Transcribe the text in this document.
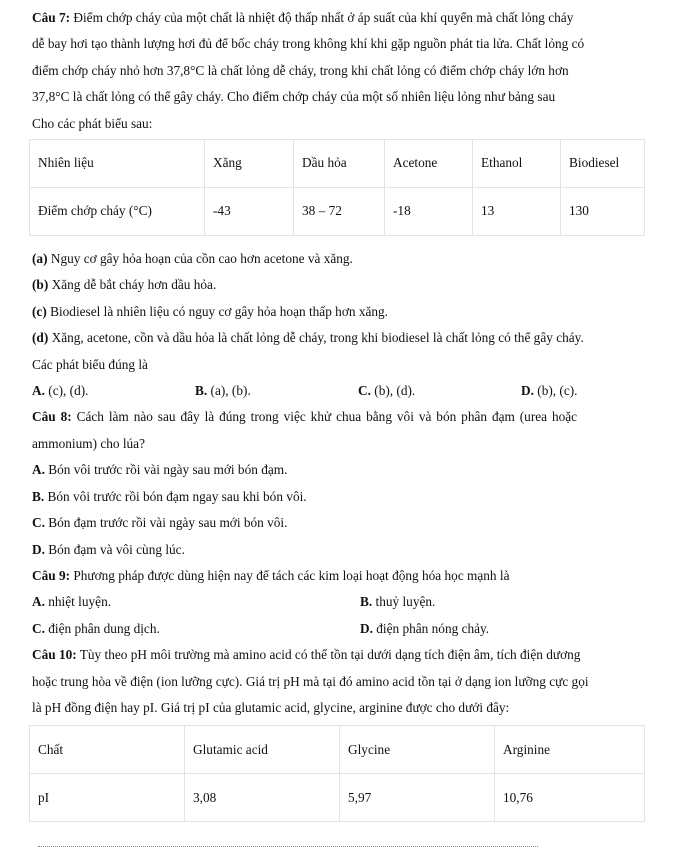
Câu 7: Điểm chớp cháy của một chất là nhiệt độ thấp nhất ở áp suất của khí quyển mà chất lỏng cháy

dễ bay hơi tạo thành lượng hơi đủ để bốc cháy trong không khí khi gặp nguồn phát tia lửa. Chất lỏng có

điểm chớp cháy nhỏ hơn 37,8°C là chất lỏng dễ cháy, trong khi chất lỏng có điểm chớp cháy lớn hơn

37,8°C là chất lỏng có thể gây cháy. Cho điểm chớp cháy của một số nhiên liệu lỏng như bảng sau

Cho các phát biểu sau:

Nhiên liệu	Xăng	Dầu hỏa	Acetone	Ethanol	Biodiesel
Điểm chớp cháy (°C)	-43	38 – 72	-18	13	130

(a) Nguy cơ gây hỏa hoạn của cồn cao hơn acetone và xăng.

(b) Xăng dễ bắt cháy hơn dầu hỏa.

(c) Biodiesel là nhiên liệu có nguy cơ gây hỏa hoạn thấp hơn xăng.

(d) Xăng, acetone, cồn và dầu hỏa là chất lỏng dễ cháy, trong khi biodiesel là chất lỏng có thể gây cháy.

Các phát biểu đúng là

A. (c), (d).	B. (a), (b).	C. (b), (d).	D. (b), (c).

Câu 8: Cách làm nào sau đây là đúng trong việc khử chua bằng vôi và bón phân đạm (urea hoặc

ammonium) cho lúa?

A. Bón vôi trước rồi vài ngày sau mới bón đạm.

B. Bón vôi trước rồi bón đạm ngay sau khi bón vôi.

C. Bón đạm trước rồi vài ngày sau mới bón vôi.

D. Bón đạm và vôi cùng lúc.

Câu 9: Phương pháp được dùng hiện nay để tách các kim loại hoạt động hóa học mạnh là

A. nhiệt luyện.	B. thuỷ luyện.
C. điện phân dung dịch.	D. điện phân nóng chảy.

Câu 10: Tùy theo pH môi trường mà amino acid có thể tồn tại dưới dạng tích điện âm, tích điện dương

hoặc trung hòa về điện (ion lưỡng cực). Giá trị pH mà tại đó amino acid tồn tại ở dạng ion lưỡng cực gọi

là pH đồng điện hay pI. Giá trị pI của glutamic acid, glycine, arginine được cho dưới đây:

Chất	Glutamic acid	Glycine	Arginine
pI	3,08	5,97	10,76
